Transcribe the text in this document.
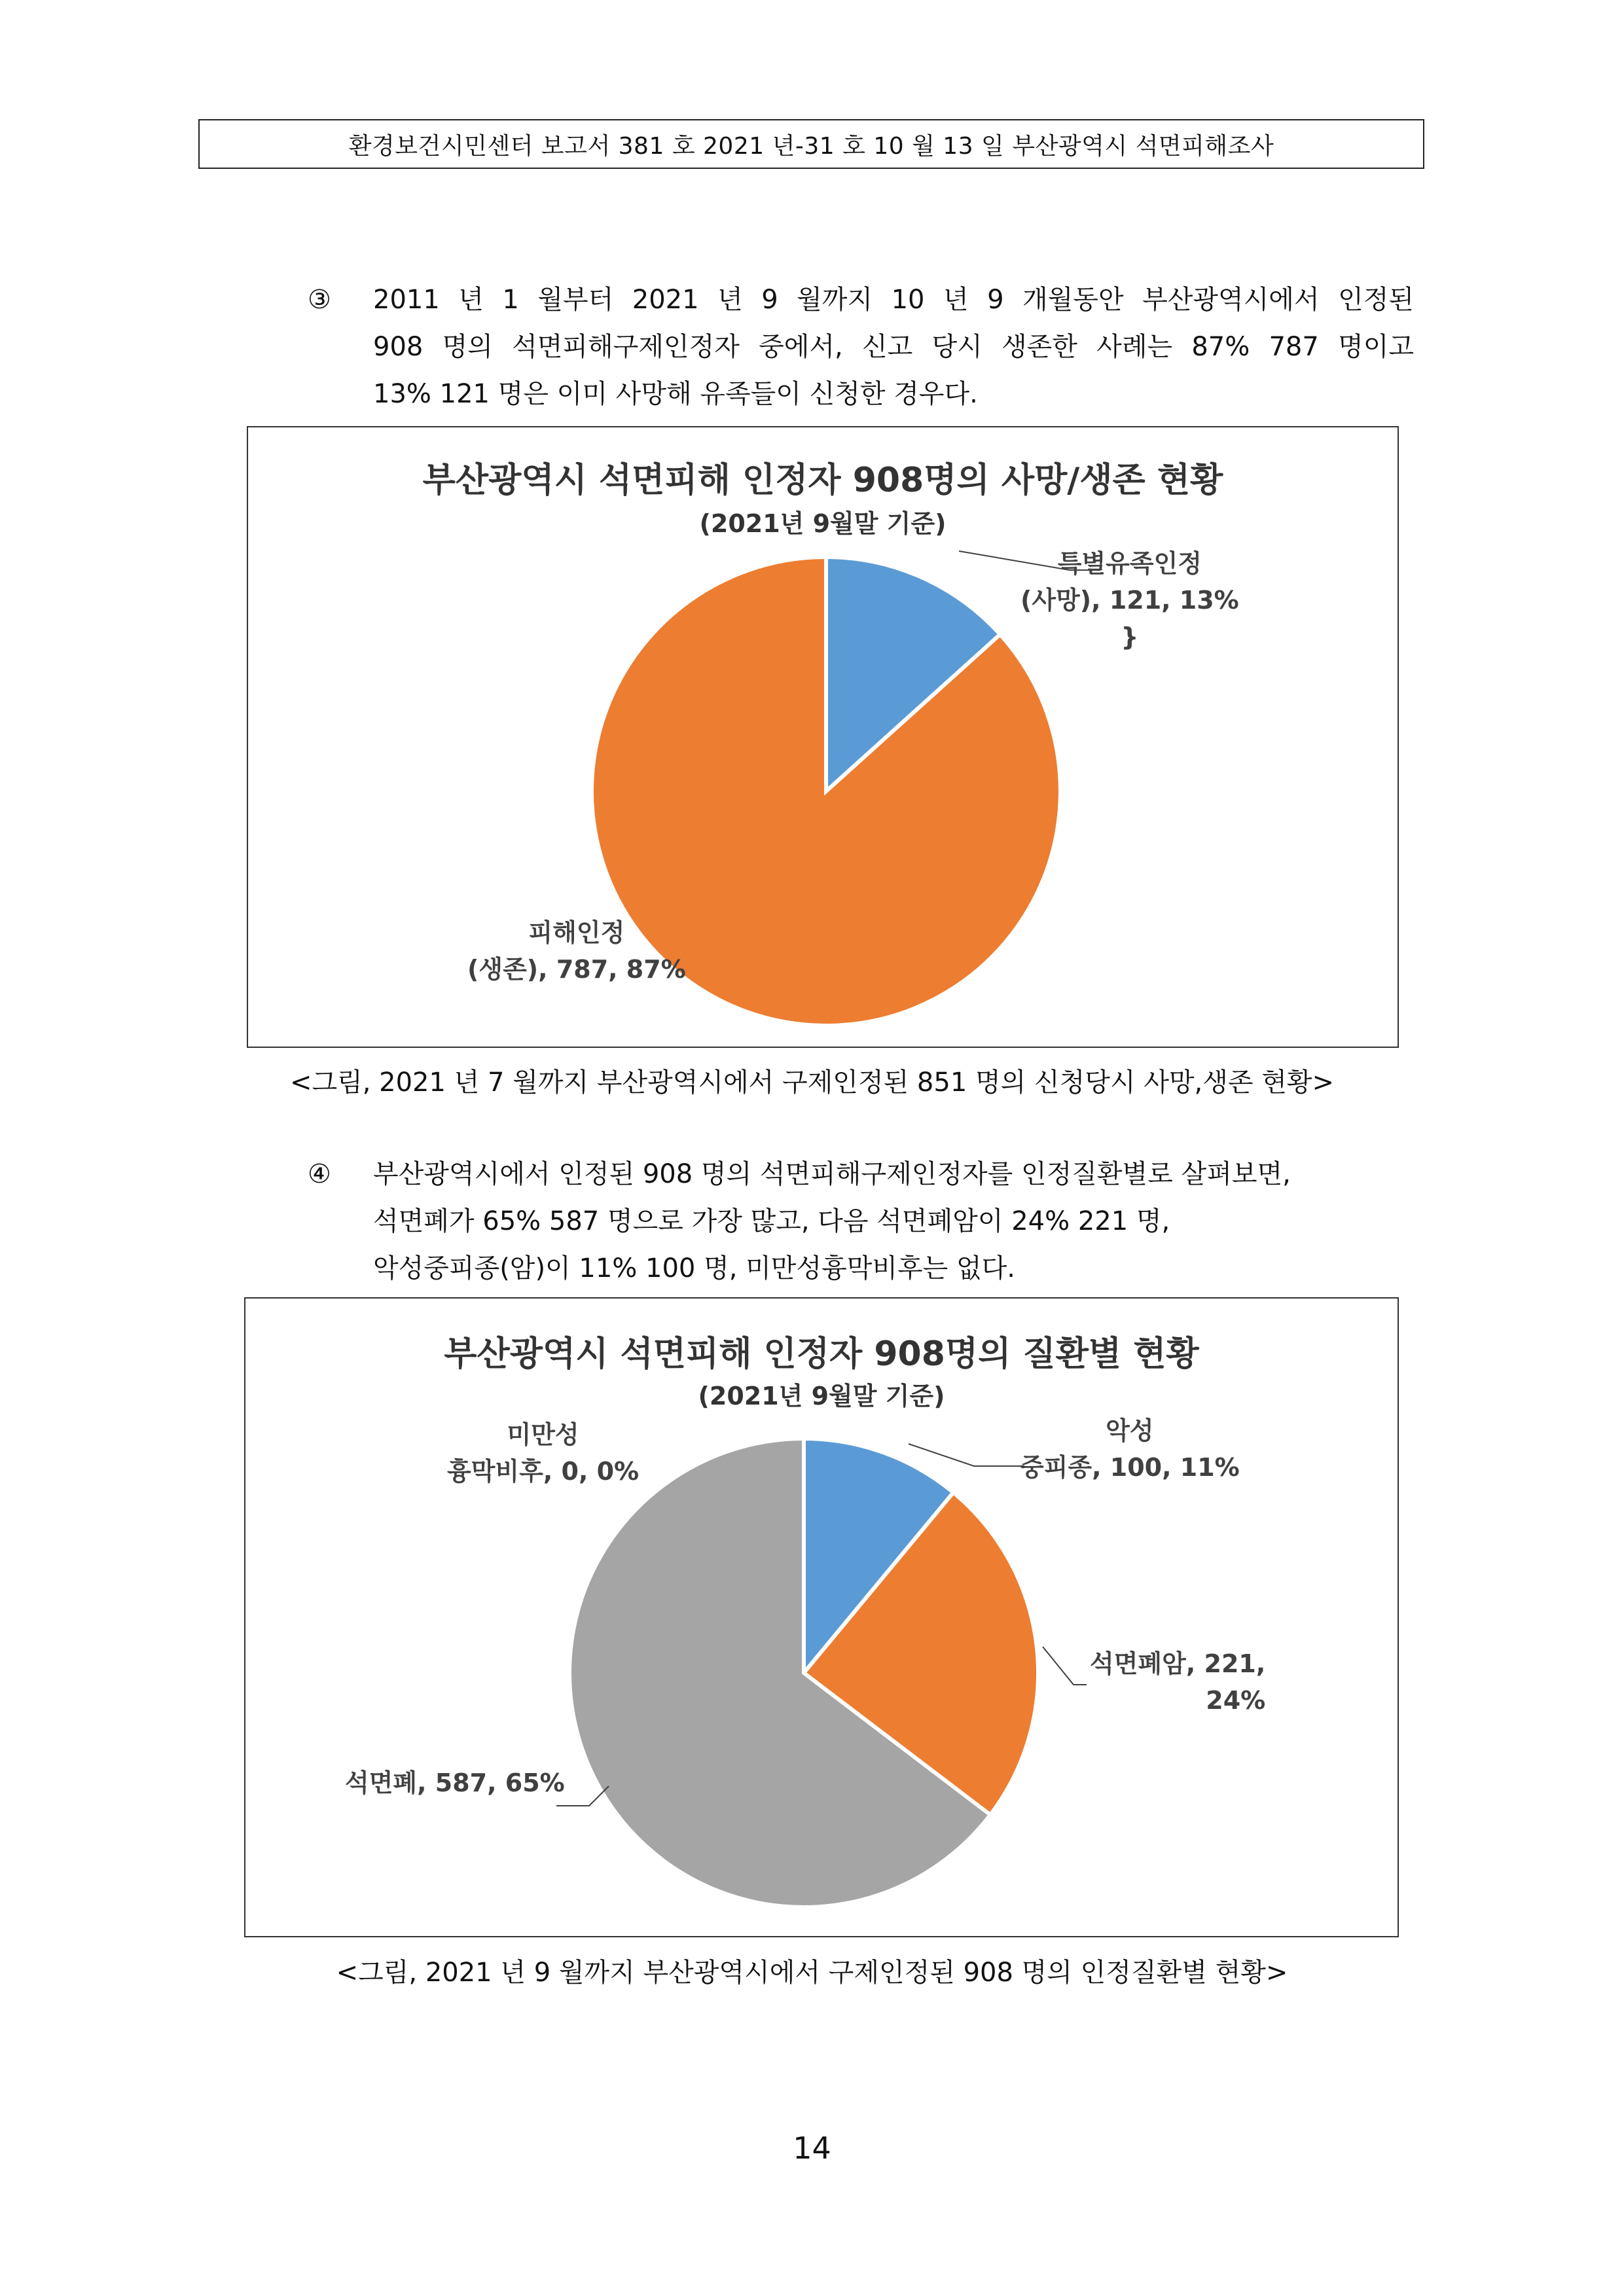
환경보건시민센터 보고서 381 호 2021 년-31 호 10 월 13 일 부산광역시 석면피해조사
③	2011 년 1 월부터 2021 년 9 월까지 10 년 9 개월동안 부산광역시에서 인정된
908 명의 석면피해구제인정자 중에서, 신고 당시 생존한 사례는 87% 787 명이고
13% 121 명은 이미 사망해 유족들이 신청한 경우다.
부산광역시 석면피해 인정자 908명의 사망/생존 현황
(2021년 9월말 기준)
특별유족인정
(사망), 121, 13%
}
피해인정
(생존), 787, 87%
<그림, 2021 년 7 월까지 부산광역시에서 구제인정된 851 명의 신청당시 사망,생존 현황>
④	부산광역시에서 인정된 908 명의 석면피해구제인정자를 인정질환별로 살펴보면,
석면폐가 65% 587 명으로 가장 많고, 다음 석면폐암이 24% 221 명,
악성중피종(암)이 11% 100 명, 미만성흉막비후는 없다.
부산광역시 석면피해 인정자 908명의 질환별 현황
(2021년 9월말 기준)
악성
중피종, 100, 11%
석면폐암, 221,
24%
석면폐, 587, 65%
미만성
흉막비후, 0, 0%
<그림, 2021 년 9 월까지 부산광역시에서 구제인정된 908 명의 인정질환별 현황>
14
